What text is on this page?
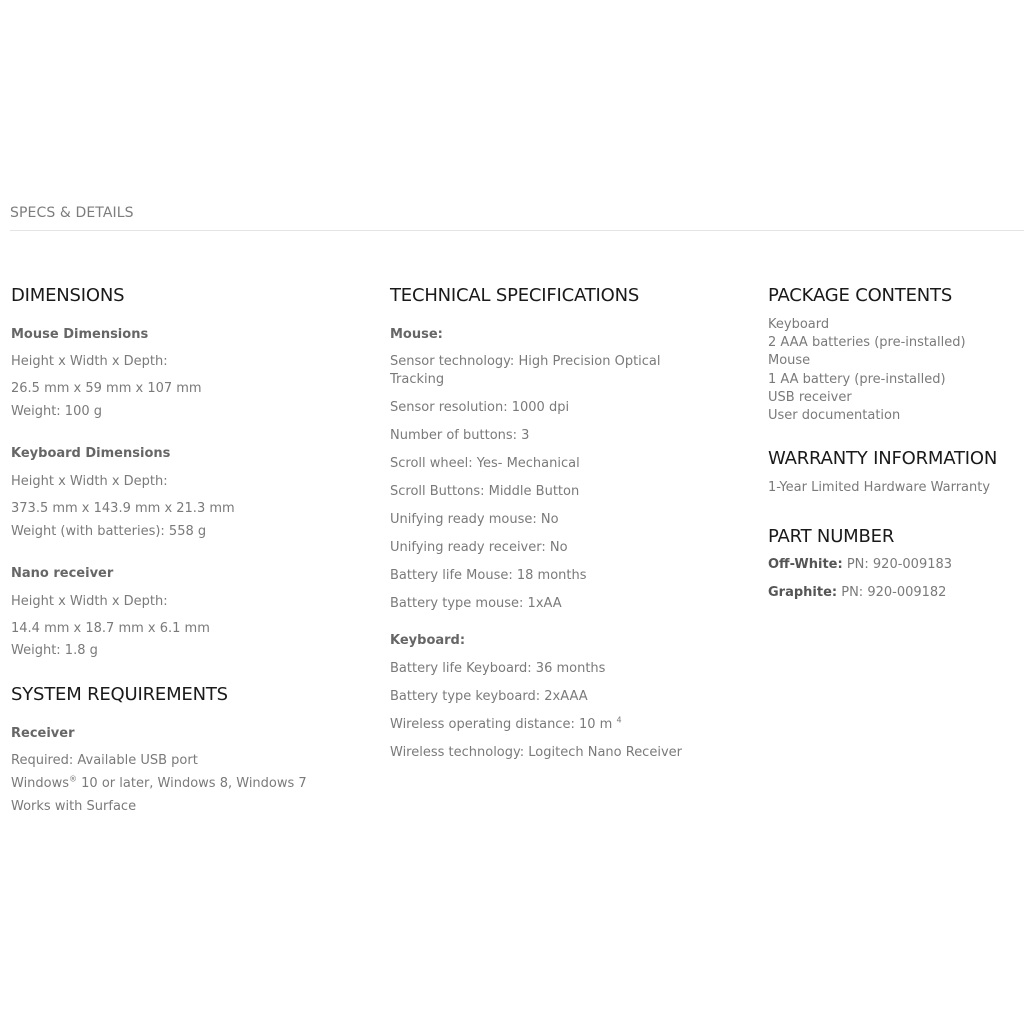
SPECS & DETAILS
DIMENSIONS
Mouse Dimensions
Height x Width x Depth:
26.5 mm x 59 mm x 107 mm
Weight: 100 g
Keyboard Dimensions
Height x Width x Depth:
373.5 mm x 143.9 mm x 21.3 mm
Weight (with batteries): 558 g
Nano receiver
Height x Width x Depth:
14.4 mm x 18.7 mm x 6.1 mm
Weight: 1.8 g
SYSTEM REQUIREMENTS
Receiver
Required: Available USB port
Windows® 10 or later, Windows 8, Windows 7
Works with Surface
TECHNICAL SPECIFICATIONS
Mouse:
Sensor technology: High Precision Optical Tracking
Sensor resolution: 1000 dpi
Number of buttons: 3
Scroll wheel: Yes- Mechanical
Scroll Buttons: Middle Button
Unifying ready mouse: No
Unifying ready receiver: No
Battery life Mouse: 18 months
Battery type mouse: 1xAA
Keyboard:
Battery life Keyboard: 36 months
Battery type keyboard: 2xAAA
Wireless operating distance: 10 m $^4$
Wireless technology: Logitech Nano Receiver
PACKAGE CONTENTS
Keyboard
2 AAA batteries (pre-installed)
Mouse
1 AA battery (pre-installed)
USB receiver
User documentation
WARRANTY INFORMATION
1-Year Limited Hardware Warranty
PART NUMBER
Off-White: PN: 920-009183
Graphite: PN: 920-009182
